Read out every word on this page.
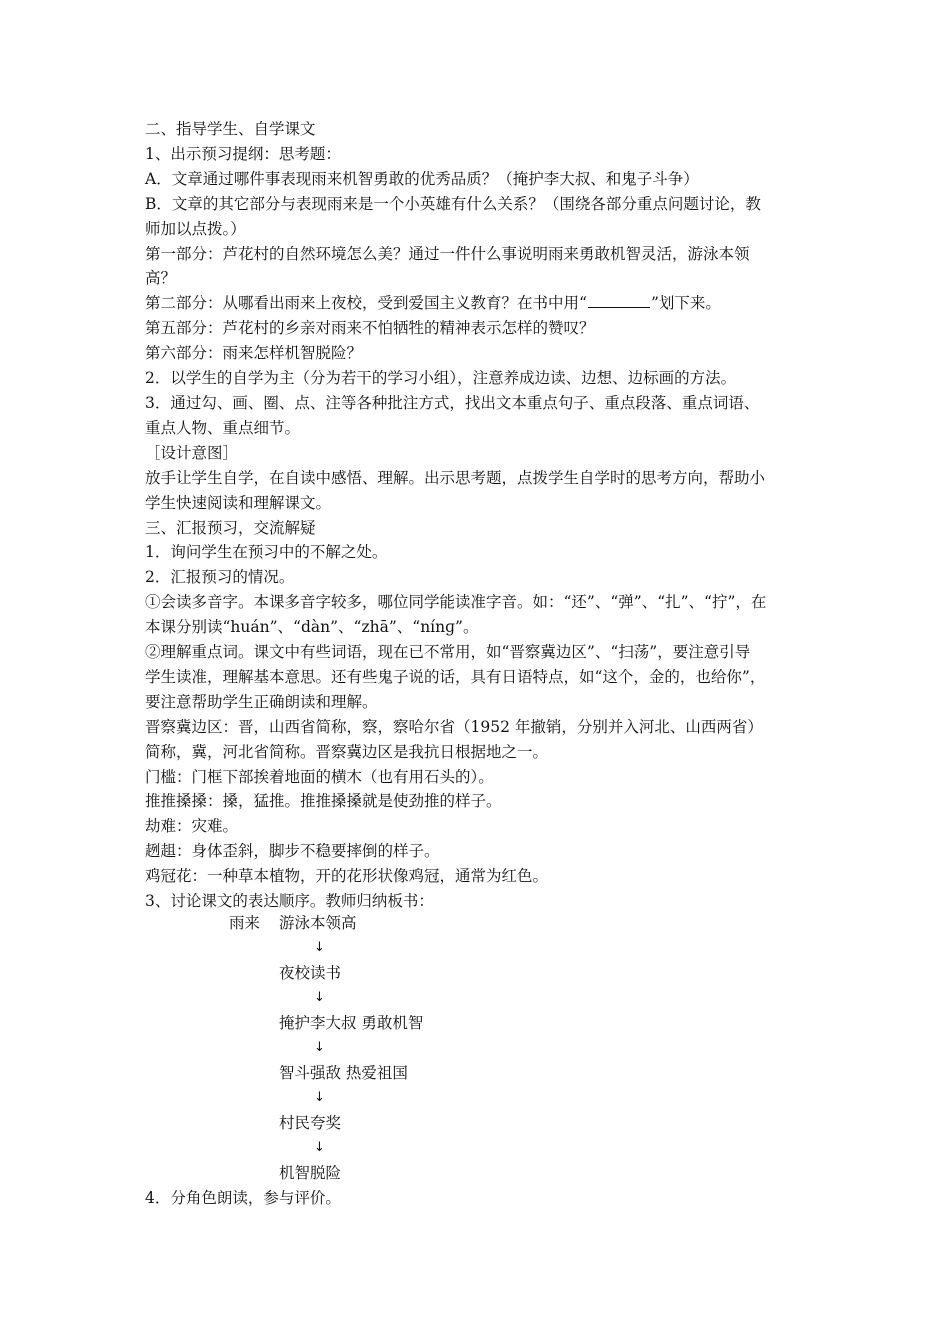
二、指导学生、自学课文
1、出示预习提纲：思考题：
A．文章通过哪件事表现雨来机智勇敢的优秀品质？（掩护李大叔、和鬼子斗争）
B．文章的其它部分与表现雨来是一个小英雄有什么关系？（围绕各部分重点问题讨论，教
师加以点拨。）
第一部分：芦花村的自然环境怎么美？通过一件什么事说明雨来勇敢机智灵活，游泳本领
高？
第二部分：从哪看出雨来上夜校，受到爱国主义教育？在书中用“	”划下来。
第五部分：芦花村的乡亲对雨来不怕牺牲的精神表示怎样的赞叹？
第六部分：雨来怎样机智脱险？
2．以学生的自学为主（分为若干的学习小组），注意养成边读、边想、边标画的方法。
3．通过勾、画、圈、点、注等各种批注方式，找出文本重点句子、重点段落、重点词语、
重点人物、重点细节。
［设计意图］
放手让学生自学，在自读中感悟、理解。出示思考题，点拨学生自学时的思考方向，帮助小
学生快速阅读和理解课文。
三、汇报预习，交流解疑
1．询问学生在预习中的不解之处。
2．汇报预习的情况。
①会读多音字。本课多音字较多，哪位同学能读准字音。如：“还”、“弹”、“扎”、“拧”，在
本课分别读“huán”、“dàn”、“zhā”、“nínɡ”。
②理解重点词。课文中有些词语，现在已不常用，如“晋察冀边区”、“扫荡”，要注意引导
学生读准，理解基本意思。还有些鬼子说的话，具有日语特点，如“这个，金的，也给你”，
要注意帮助学生正确朗读和理解。
晋察冀边区：晋，山西省简称，察，察哈尔省（1952 年撤销，分别并入河北、山西两省）
简称，冀，河北省简称。晋察冀边区是我抗日根据地之一。
门槛：门框下部挨着地面的横木（也有用石头的）。
推推搡搡：搡，猛推。推推搡搡就是使劲推的样子。
劫难：灾难。
趔趄：身体歪斜，脚步不稳要摔倒的样子。
鸡冠花：一种草本植物，开的花形状像鸡冠，通常为红色。
3、讨论课文的表达顺序。教师归纳板书：
雨来 游泳本领高
↓
夜校读书
↓
掩护李大叔 勇敢机智
↓
智斗强敌 热爱祖国
↓
村民夸奖
↓
机智脱险
4．分角色朗读，参与评价。
